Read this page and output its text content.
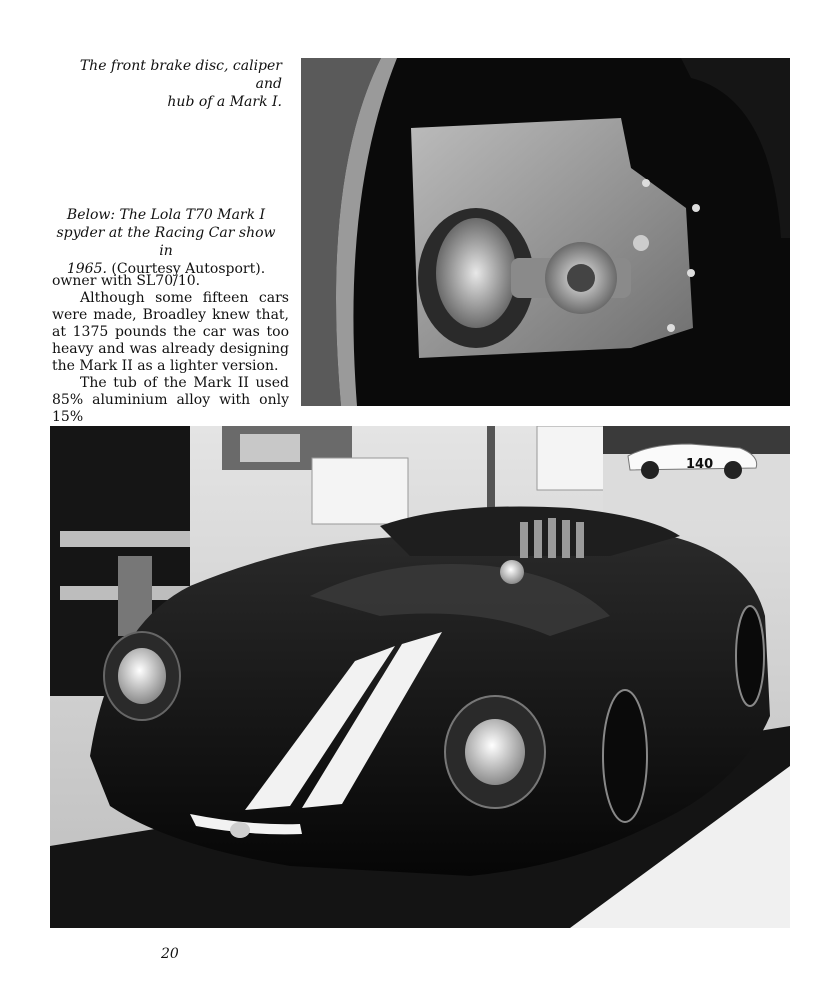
The front brake disc, caliper and
hub of a Mark I.
Below: The Lola T70 Mark I
spyder at the Racing Car show in
1965. (Courtesy Autosport).

owner with SL70/10.

Although some fifteen cars were made, Broadley knew that, at 1375 pounds the car was too heavy and was already designing the Mark II as a lighter version.

The tub of the Mark II used 85% aluminium alloy with only 15%

140
20
